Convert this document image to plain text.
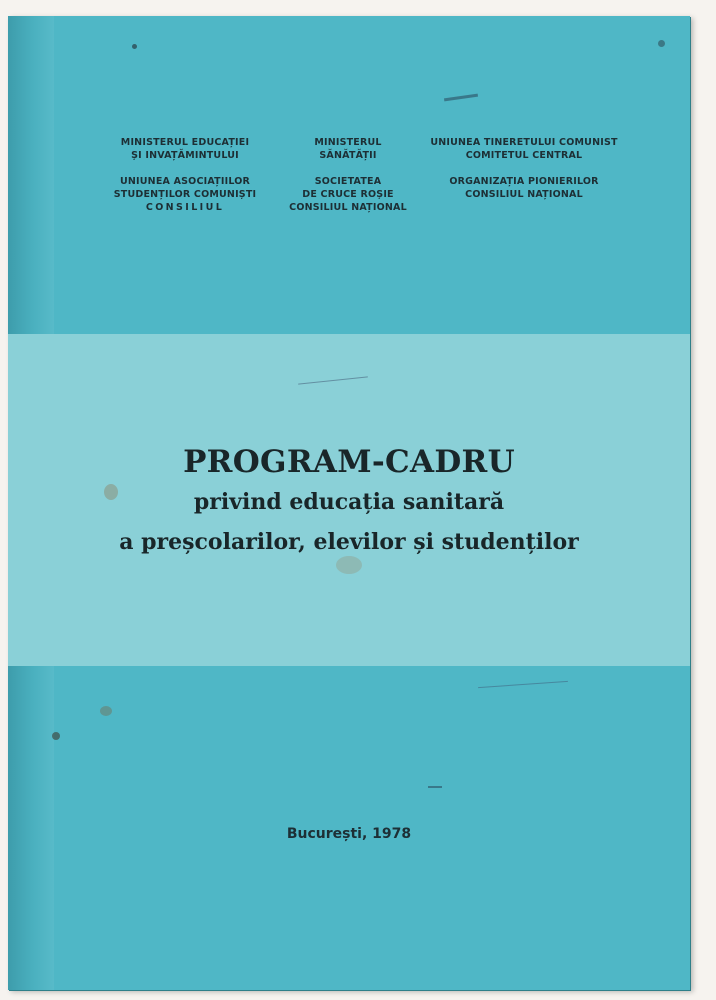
MINISTERUL EDUCAȚIEI
ȘI INVAȚĂMINTULUI
UNIUNEA ASOCIAȚIILOR
STUDENȚILOR COMUNIȘTI
CONSILIUL
MINISTERUL
SĂNĂTĂȚII
SOCIETATEA
DE CRUCE ROȘIE
CONSILIUL NAȚIONAL
UNIUNEA TINERETULUI COMUNIST
COMITETUL CENTRAL
ORGANIZAȚIA PIONIERILOR
CONSILIUL NAȚIONAL
PROGRAM-CADRU
privind educația sanitară
a preșcolarilor, elevilor și studenților
București, 1978
